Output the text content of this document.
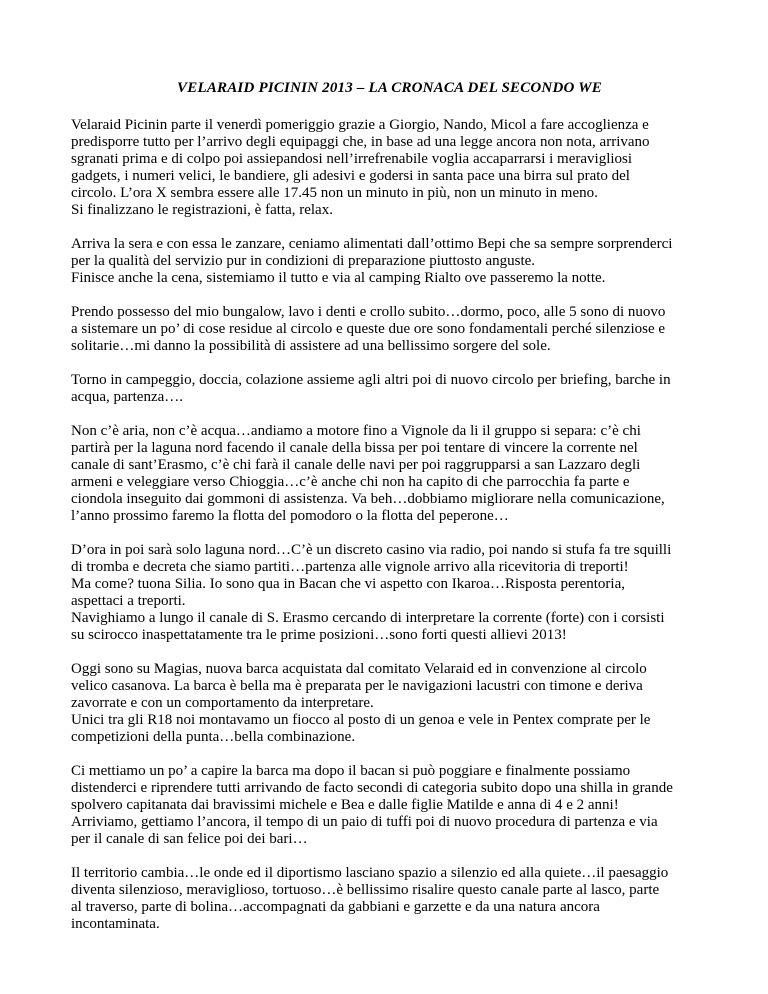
VELARAID PICININ 2013 – LA CRONACA DEL SECONDO WE
Velaraid Picinin parte il venerdì pomeriggio grazie a Giorgio, Nando, Micol a fare accoglienza e
predisporre tutto per l’arrivo degli equipaggi che, in base ad una legge ancora non nota, arrivano
sgranati prima e di colpo poi assiepandosi nell’irrefrenabile voglia accaparrarsi i meravigliosi
gadgets, i numeri velici, le bandiere, gli adesivi e godersi in santa pace una birra sul prato del
circolo. L’ora X sembra essere alle 17.45 non un minuto in più, non un minuto in meno.
Si finalizzano le registrazioni, è fatta, relax.
Arriva la sera e con essa le zanzare, ceniamo alimentati dall’ottimo Bepi che sa sempre sorprenderci
per la qualità del servizio pur in condizioni di preparazione piuttosto anguste.
Finisce anche la cena, sistemiamo il tutto e via al camping Rialto ove passeremo la notte.
Prendo possesso del mio bungalow, lavo i denti e crollo subito…dormo, poco, alle 5 sono di nuovo
a sistemare un po’ di cose residue al circolo e queste due ore sono fondamentali perché silenziose e
solitarie…mi danno la possibilità di assistere ad una bellissimo sorgere del sole.
Torno in campeggio, doccia, colazione assieme agli altri poi di nuovo circolo per briefing, barche in
acqua, partenza….
Non c’è aria, non c’è acqua…andiamo a motore fino a Vignole da li il gruppo si separa: c’è chi
partirà per la laguna nord facendo il canale della bissa per poi tentare di vincere la corrente nel
canale di sant’Erasmo, c’è chi farà il canale delle navi per poi raggrupparsi a san Lazzaro degli
armeni e veleggiare verso Chioggia…c’è anche chi non ha capito di che parrocchia fa parte e
ciondola inseguito dai gommoni di assistenza. Va beh…dobbiamo migliorare nella comunicazione,
l’anno prossimo faremo la flotta del pomodoro o la flotta del peperone…
D’ora in poi sarà solo laguna nord…C’è un discreto casino via radio, poi nando si stufa fa tre squilli
di tromba e decreta che siamo partiti…partenza alle vignole arrivo alla ricevitoria di treporti!
Ma come? tuona Silia. Io sono qua in Bacan che vi aspetto con Ikaroa…Risposta perentoria,
aspettaci a treporti.
Navighiamo a lungo il canale di S. Erasmo cercando di interpretare la corrente (forte) con i corsisti
su scirocco inaspettatamente tra le prime posizioni…sono forti questi allievi 2013!
Oggi sono su Magias, nuova barca acquistata dal comitato Velaraid ed in convenzione al circolo
velico casanova. La barca è bella ma è preparata per le navigazioni lacustri con timone e deriva
zavorrate e con un comportamento da interpretare.
Unici tra gli R18 noi montavamo un fiocco al posto di un genoa e vele in Pentex comprate per le
competizioni della punta…bella combinazione.
Ci mettiamo un po’ a capire la barca ma dopo il bacan si può poggiare e finalmente possiamo
distenderci e riprendere tutti arrivando de facto secondi di categoria subito dopo una shilla in grande
spolvero capitanata dai bravissimi michele e Bea e dalle figlie Matilde e anna di 4 e 2 anni!
Arriviamo, gettiamo l’ancora, il tempo di un paio di tuffi poi di nuovo procedura di partenza e via
per il canale di san felice poi dei bari…
Il territorio cambia…le onde ed il diportismo lasciano spazio a silenzio ed alla quiete…il paesaggio
diventa silenzioso, meraviglioso, tortuoso…è bellissimo risalire questo canale parte al lasco, parte
al traverso, parte di bolina…accompagnati da gabbiani e garzette e da una natura ancora
incontaminata.
